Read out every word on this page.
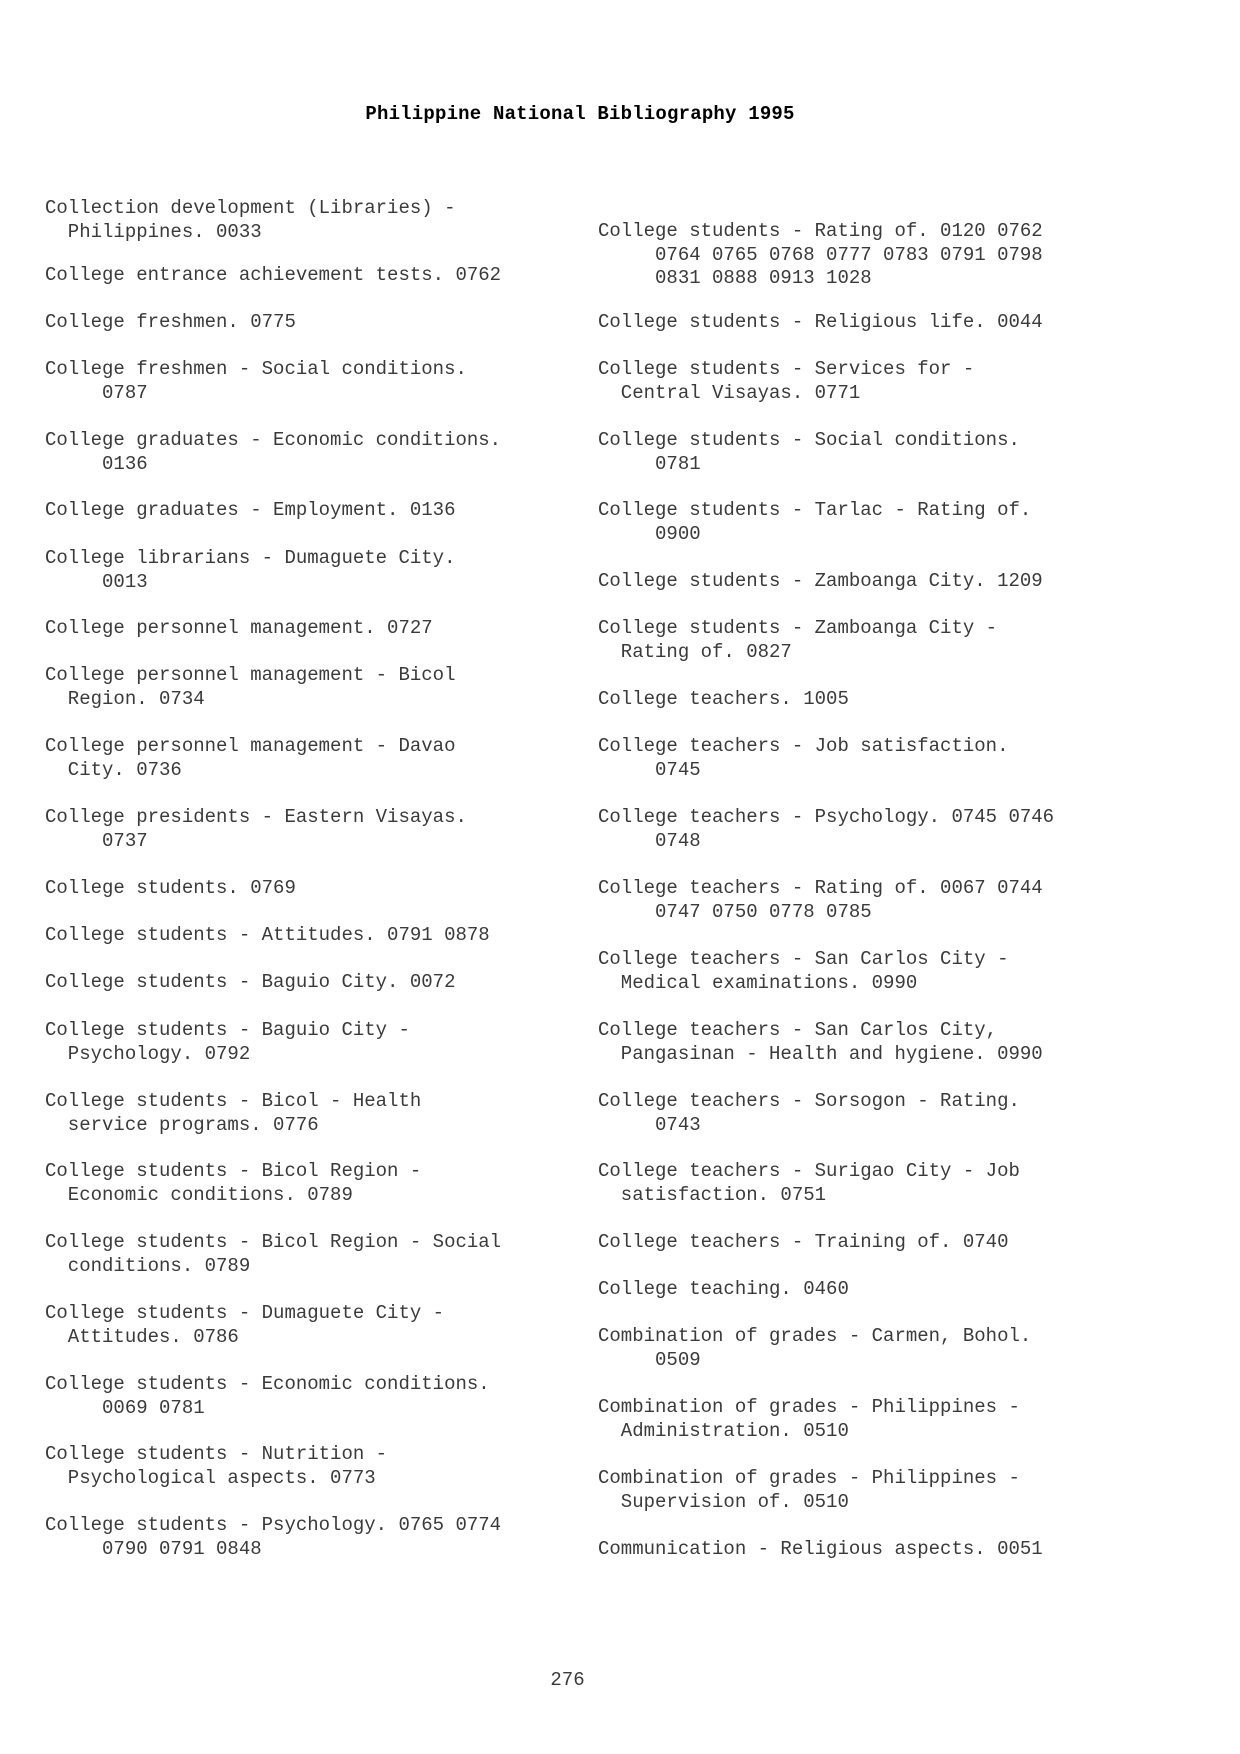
Philippine National Bibliography 1995
Collection development (Libraries) -
Philippines. 0033
College entrance achievement tests. 0762
College freshmen. 0775
College freshmen - Social conditions.
0787
College graduates - Economic conditions.
0136
College graduates - Employment. 0136
College librarians - Dumaguete City.
0013
College personnel management. 0727
College personnel management - Bicol
Region. 0734
College personnel management - Davao
City. 0736
College presidents - Eastern Visayas.
0737
College students. 0769
College students - Attitudes. 0791 0878
College students - Baguio City. 0072
College students - Baguio City -
Psychology. 0792
College students - Bicol - Health
service programs. 0776
College students - Bicol Region -
Economic conditions. 0789
College students - Bicol Region - Social
conditions. 0789
College students - Dumaguete City -
Attitudes. 0786
College students - Economic conditions.
0069 0781
College students - Nutrition -
Psychological aspects. 0773
College students - Psychology. 0765 0774
0790 0791 0848
College students - Rating of. 0120 0762
0764 0765 0768 0777 0783 0791 0798
0831 0888 0913 1028
College students - Religious life. 0044
College students - Services for -
Central Visayas. 0771
College students - Social conditions.
0781
College students - Tarlac - Rating of.
0900
College students - Zamboanga City. 1209
College students - Zamboanga City -
Rating of. 0827
College teachers. 1005
College teachers - Job satisfaction.
0745
College teachers - Psychology. 0745 0746
0748
College teachers - Rating of. 0067 0744
0747 0750 0778 0785
College teachers - San Carlos City -
Medical examinations. 0990
College teachers - San Carlos City,
Pangasinan - Health and hygiene. 0990
College teachers - Sorsogon - Rating.
0743
College teachers - Surigao City - Job
satisfaction. 0751
College teachers - Training of. 0740
College teaching. 0460
Combination of grades - Carmen, Bohol.
0509
Combination of grades - Philippines -
Administration. 0510
Combination of grades - Philippines -
Supervision of. 0510
Communication - Religious aspects. 0051
276
